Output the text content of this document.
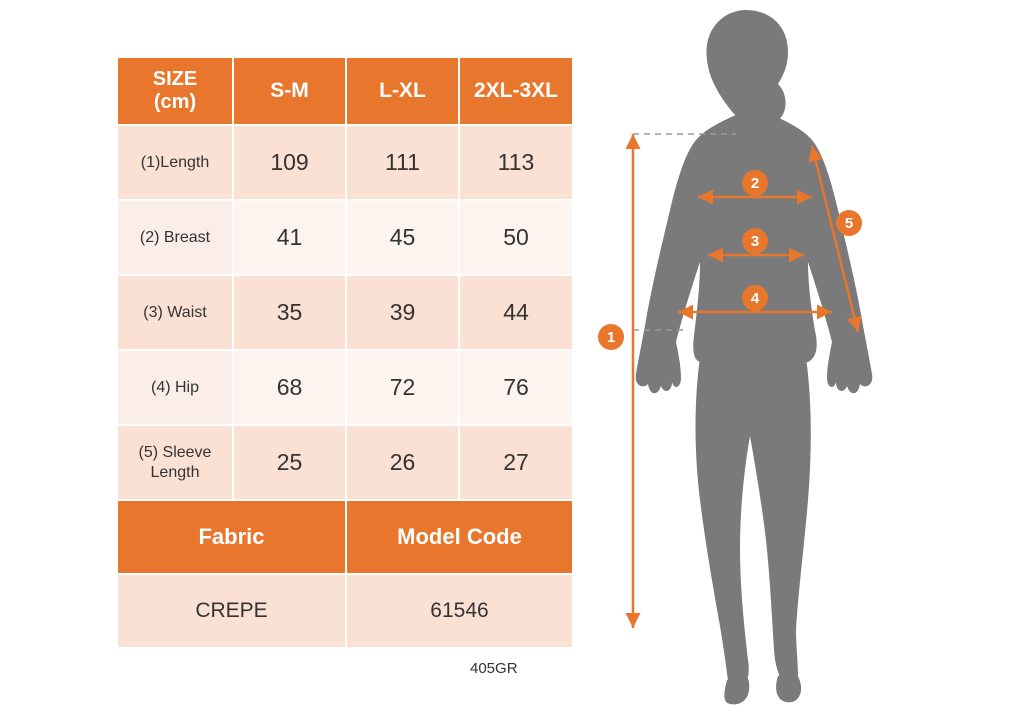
SIZE
(cm)	S-M	L-XL	2XL-3XL
(1)Length	109	111	113
(2) Breast	41	45	50
(3) Waist	35	39	44
(4) Hip	68	72	76
(5) Sleeve Length	25	26	27
Fabric		Model Code	
CREPE		61546	
405GR
1
2
3
4
5
